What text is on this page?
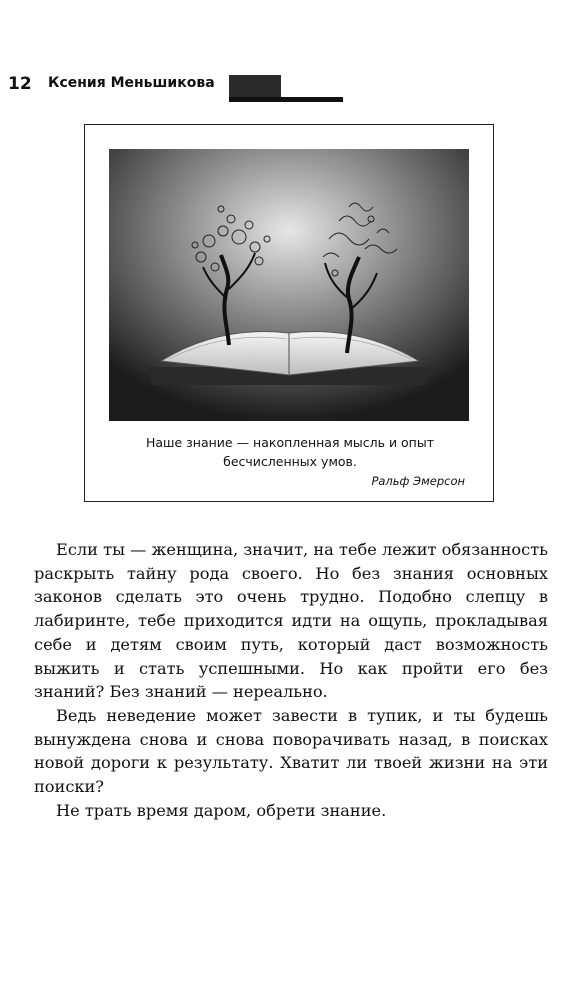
12 Ксения Меньшикова
Наше знание — накопленная мысль и опыт
бесчисленных умов.
Ральф Эмерсон

Если ты — женщина, значит, на тебе лежит обязанность раскрыть тайну рода своего. Но без знания основных законов сделать это очень трудно. Подобно слепцу в лабиринте, тебе приходится идти на ощупь, прокладывая себе и детям своим путь, который даст возможность выжить и стать успешными. Но как пройти его без знаний? Без знаний — нереально.

Ведь неведение может завести в тупик, и ты будешь вынуждена снова и снова поворачивать назад, в поисках новой дороги к результату. Хватит ли твоей жизни на эти поиски?

Не трать время даром, обрети знание.
